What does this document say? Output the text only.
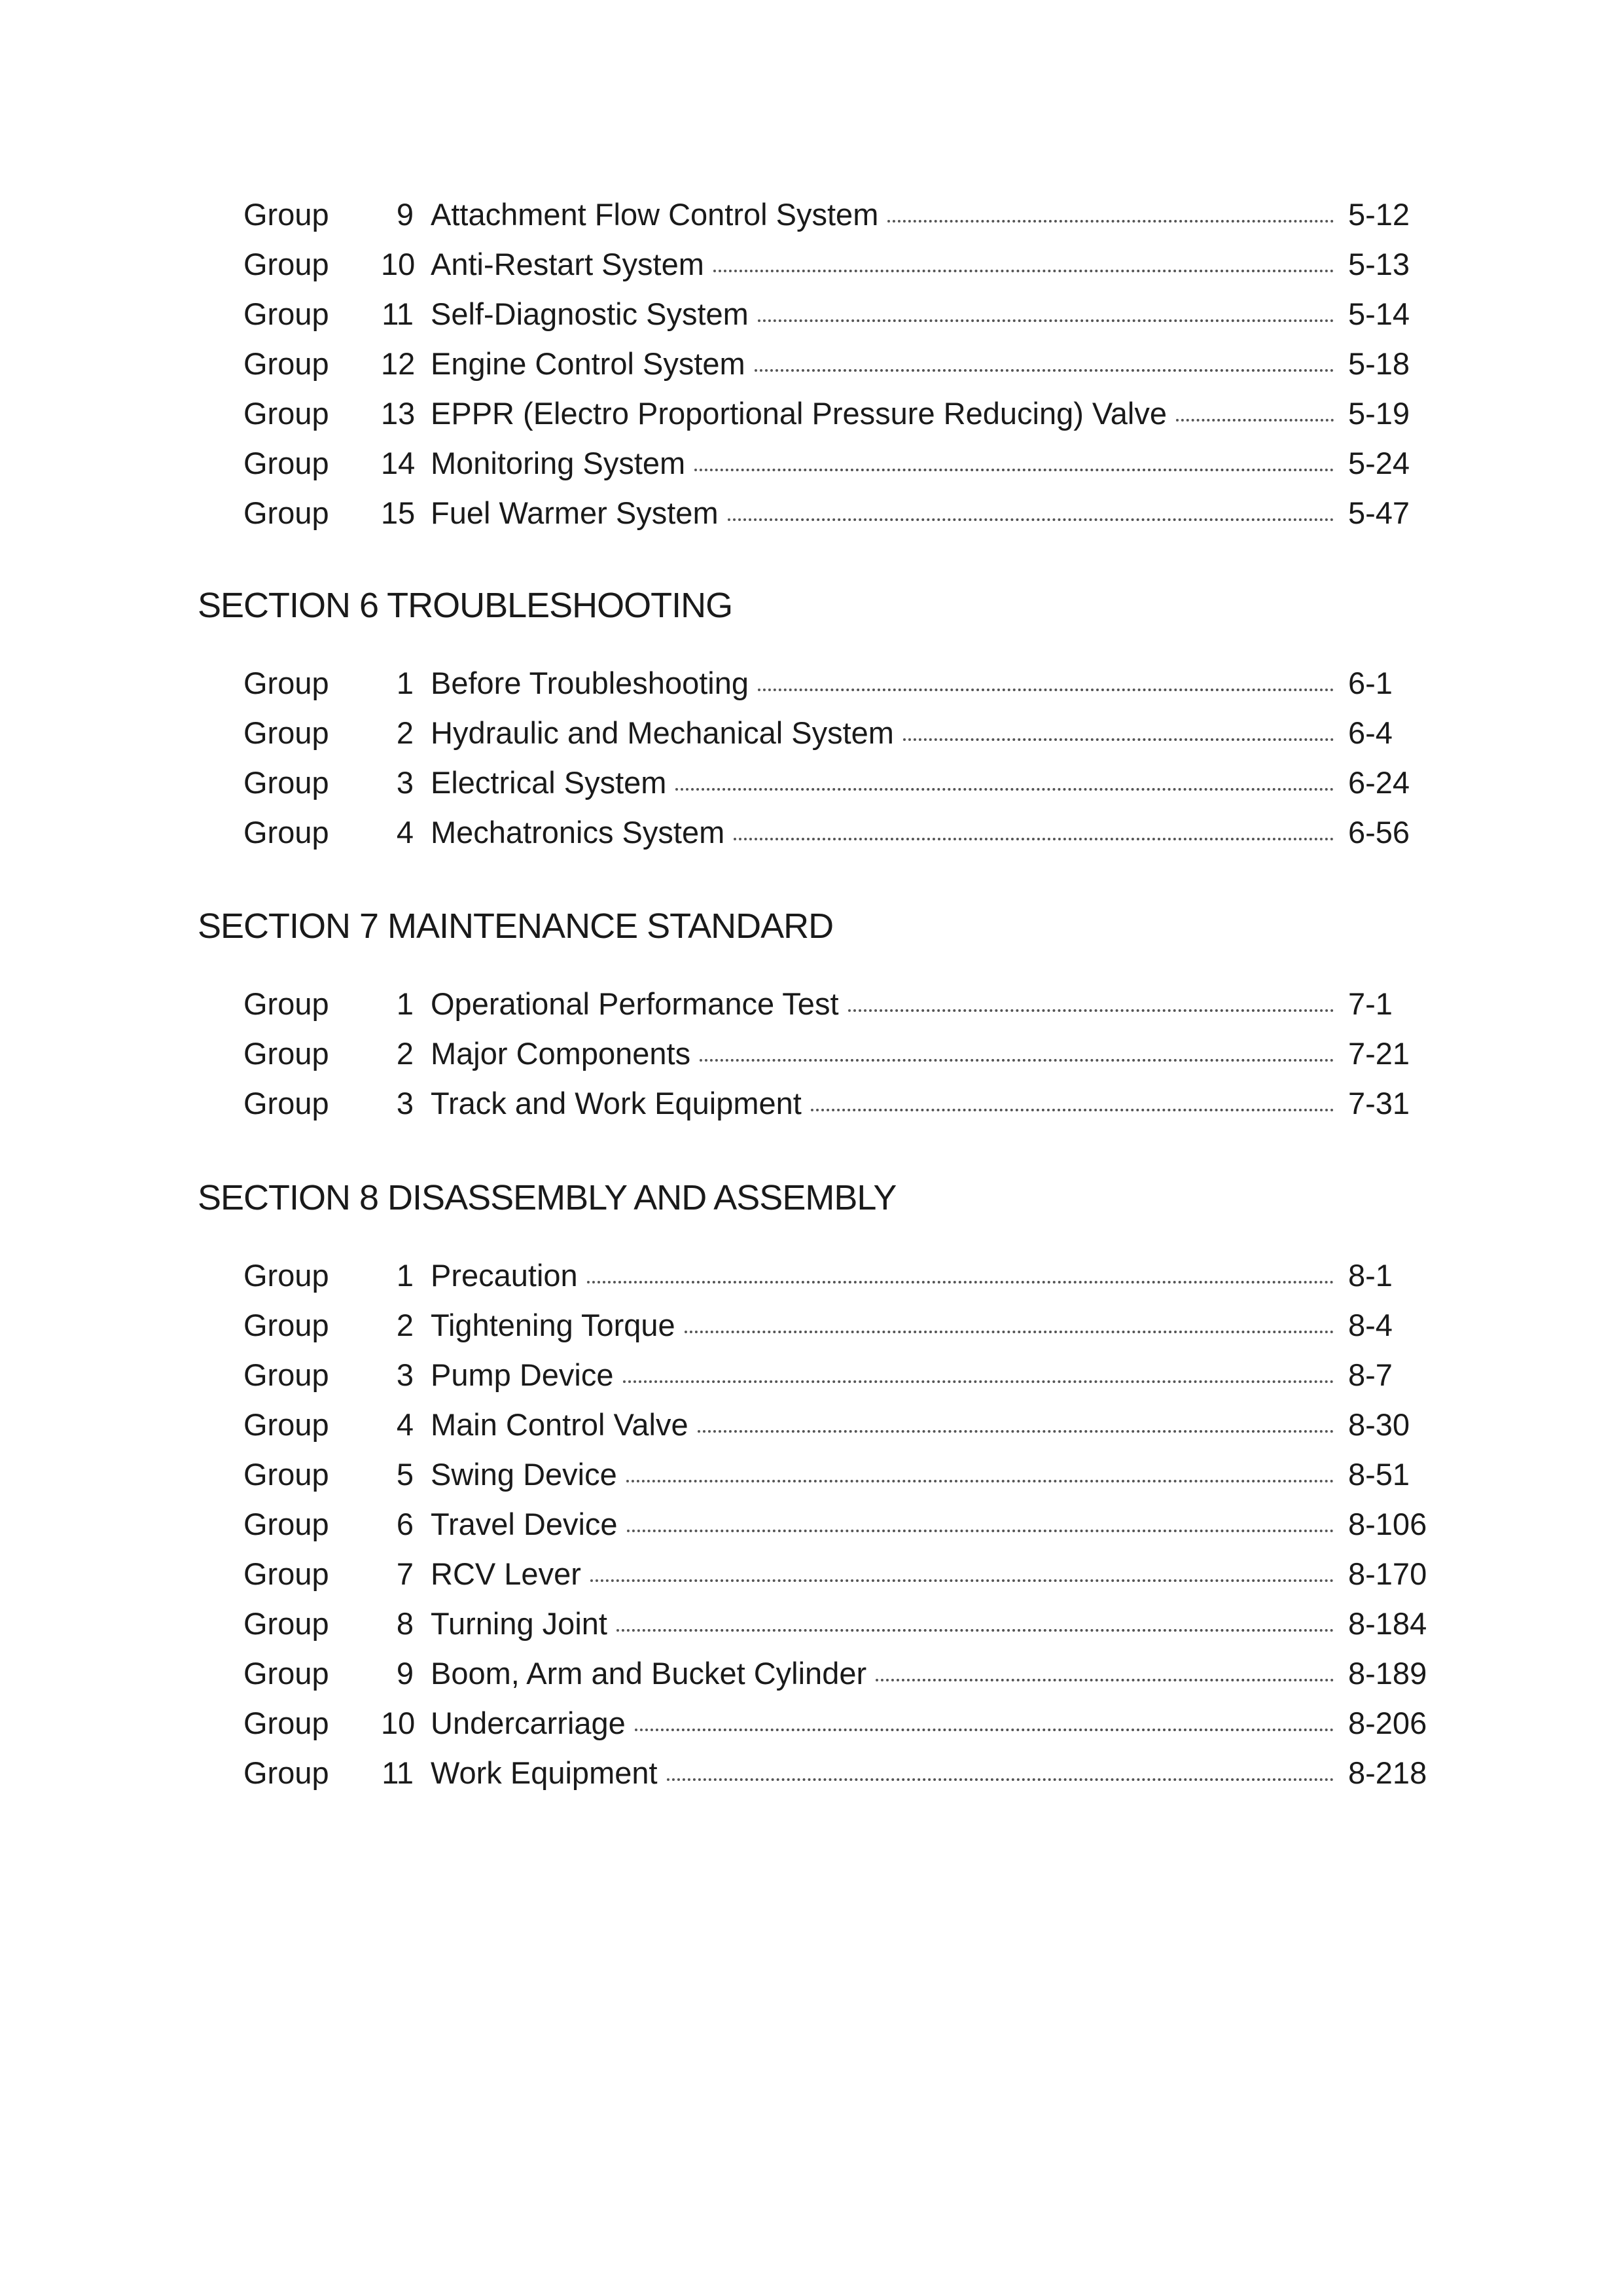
Group	9 Attachment Flow Control System	5-12
Group	10 Anti-Restart System	5-13
Group	11 Self-Diagnostic System	5-14
Group	12 Engine Control System	5-18
Group	13 EPPR (Electro Proportional Pressure Reducing) Valve	5-19
Group	14 Monitoring System	5-24
Group	15 Fuel Warmer System	5-47
SECTION 6 TROUBLESHOOTING
Group	1 Before Troubleshooting	6-1
Group	2 Hydraulic and Mechanical System	6-4
Group	3 Electrical System	6-24
Group	4 Mechatronics System	6-56
SECTION 7 MAINTENANCE STANDARD
Group	1 Operational Performance Test	7-1
Group	2 Major Components	7-21
Group	3 Track and Work Equipment	7-31
SECTION 8 DISASSEMBLY AND ASSEMBLY
Group	1 Precaution	8-1
Group	2 Tightening Torque	8-4
Group	3 Pump Device	8-7
Group	4 Main Control Valve	8-30
Group	5 Swing Device	8-51
Group	6 Travel Device	8-106
Group	7 RCV Lever	8-170
Group	8 Turning Joint	8-184
Group	9 Boom, Arm and Bucket Cylinder	8-189
Group	10 Undercarriage	8-206
Group	11 Work Equipment	8-218
